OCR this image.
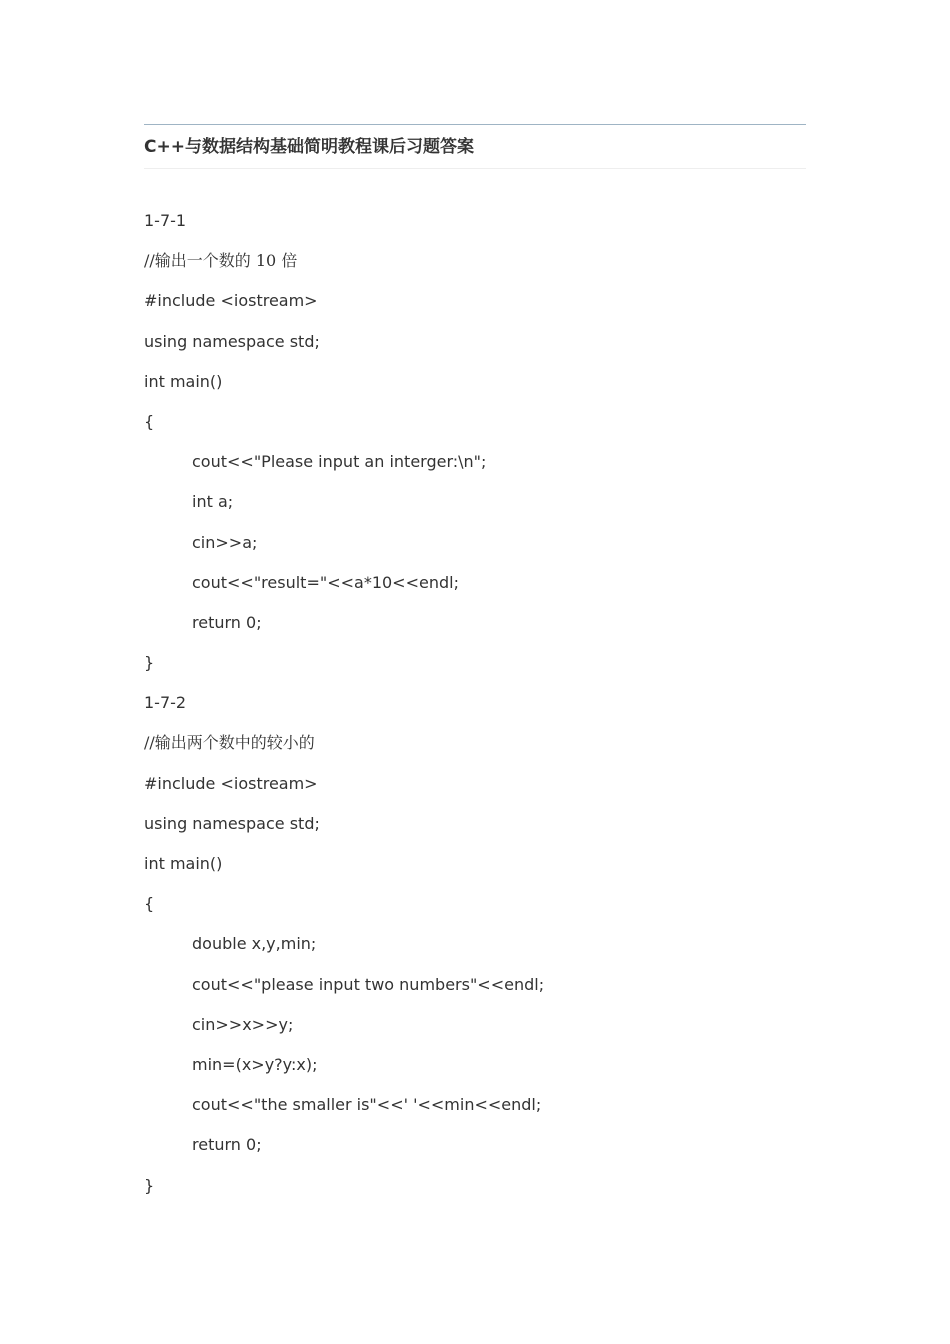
C++与数据结构基础简明教程课后习题答案
1-7-1
//输出一个数的 10 倍
#include <iostream>
using namespace std;
int main()
{
cout<<"Please input an interger:\n";
int a;
cin>>a;
cout<<"result="<<a*10<<endl;
return 0;
}
1-7-2
//输出两个数中的较小的
#include <iostream>
using namespace std;
int main()
{
double x,y,min;
cout<<"please input two numbers"<<endl;
cin>>x>>y;
min=(x>y?y:x);
cout<<"the smaller is"<<' '<<min<<endl;
return 0;
}
